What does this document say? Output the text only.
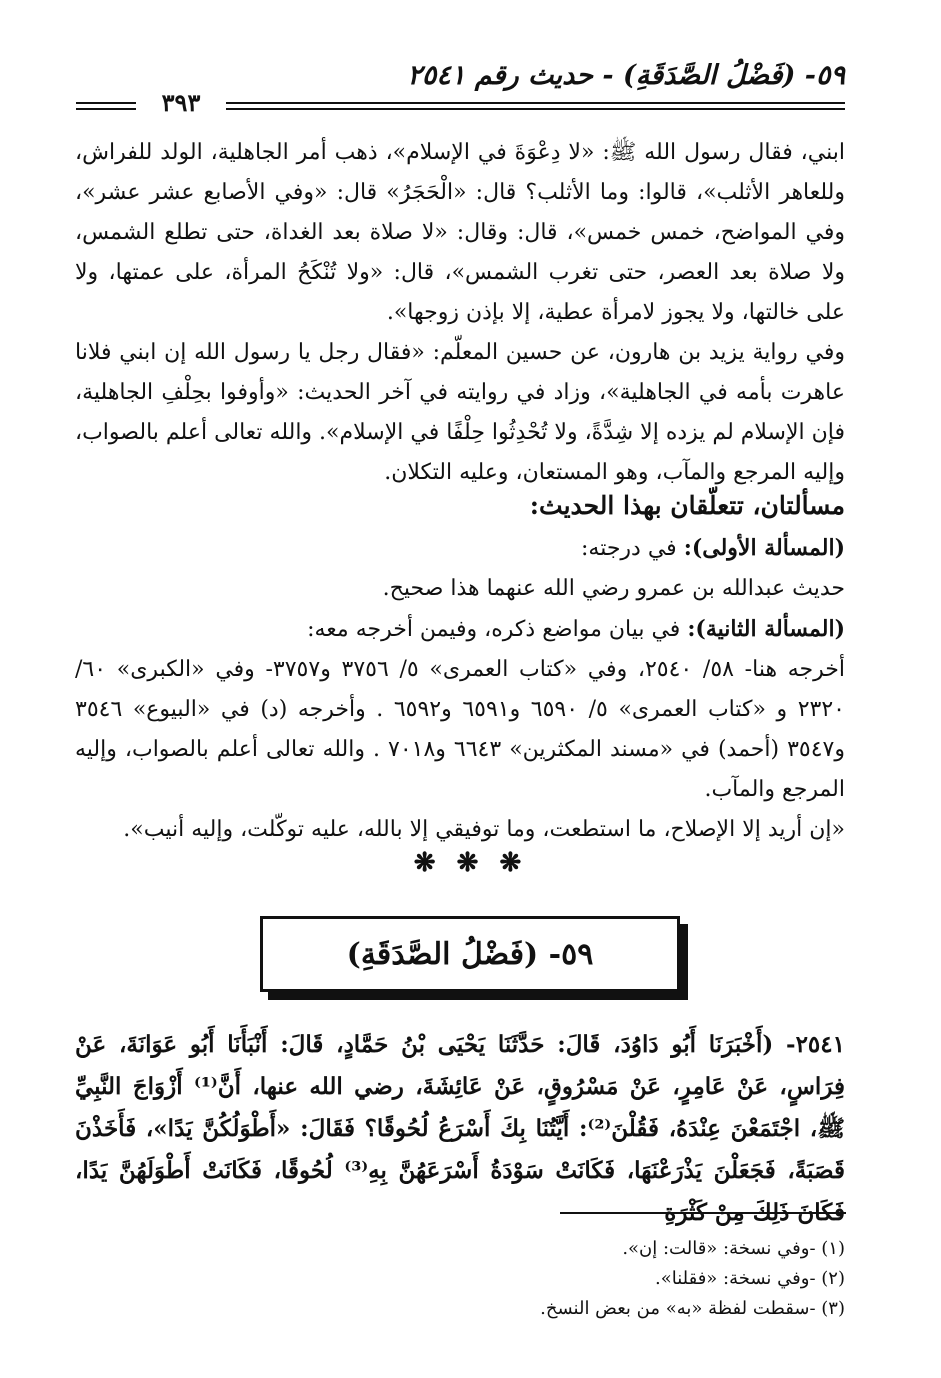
٥٩- (فَضْلُ الصَّدَقَةِ) - حديث رقم ٢٥٤١
٣٩٣

ابني، فقال رسول الله ﷺ: «لا دِعْوَةَ في الإسلام»، ذهب أمر الجاهلية، الولد للفراش، وللعاهر الأثلب»، قالوا: وما الأثلب؟ قال: «الْحَجَرُ» قال: «وفي الأصابع عشر عشر»، وفي المواضح، خمس خمس»، قال: وقال: «لا صلاة بعد الغداة، حتى تطلع الشمس، ولا صلاة بعد العصر، حتى تغرب الشمس»، قال: «ولا تُنْكَحُ المرأة، على عمتها، ولا على خالتها، ولا يجوز لامرأة عطية، إلا بإذن زوجها».

وفي رواية يزيد بن هارون، عن حسين المعلّم: «فقال رجل يا رسول الله إن ابني فلانا عاهرت بأمه في الجاهلية»، وزاد في روايته في آخر الحديث: «وأوفوا بحِلْفِ الجاهلية، فإن الإسلام لم يزده إلا شِدَّةً، ولا تُحْدِثُوا حِلْفًا في الإسلام». والله تعالى أعلم بالصواب، وإليه المرجع والمآب، وهو المستعان، وعليه التكلان.

مسألتان، تتعلّقان بهذا الحديث:

(المسألة الأولى): في درجته:

حديث عبدالله بن عمرو رضي الله عنهما هذا صحيح.

(المسألة الثانية): في بيان مواضع ذكره، وفيمن أخرجه معه:

أخرجه هنا- ٥٨/ ٢٥٤٠، وفي «كتاب العمرى» ٥/ ٣٧٥٦ و٣٧٥٧- وفي «الكبرى» ٦٠/ ٢٣٢٠ و «كتاب العمرى» ٥/ ٦٥٩٠ و٦٥٩١ و٦٥٩٢ . وأخرجه (د) في «البيوع» ٣٥٤٦ و٣٥٤٧ (أحمد) في «مسند المكثرين» ٦٦٤٣ و٧٠١٨ . والله تعالى أعلم بالصواب، وإليه المرجع والمآب.

«إن أريد إلا الإصلاح، ما استطعت، وما توفيقي إلا بالله، عليه توكّلت، وإليه أنيب».

❋ ❋ ❋
٥٩- (فَضْلُ الصَّدَقَةِ)

٢٥٤١- (أَخْبَرَنَا أَبُو دَاوُدَ، قَالَ: حَدَّثَنَا يَحْيَى بْنُ حَمَّادٍ، قَالَ: أَنْبَأَنَا أَبُو عَوَانَةَ، عَنْ فِرَاسٍ، عَنْ عَامِرٍ، عَنْ مَسْرُوقٍ، عَنْ عَائِشَةَ، رضي الله عنها، أَنَّ⁽¹⁾ أَزْوَاجَ النَّبِيِّ ﷺ، اجْتَمَعْنَ عِنْدَهُ، فَقُلْنَ⁽²⁾: أَيَّتُنَا بِكَ أَسْرَعُ لُحُوقًا؟ فَقَالَ: «أَطْوَلُكُنَّ يَدًا»، فَأَخَذْنَ قَصَبَةً، فَجَعَلْنَ يَذْرَعْنَهَا، فَكَانَتْ سَوْدَةُ أَسْرَعَهُنَّ بِهِ⁽³⁾ لُحُوقًا، فَكَانَتْ أَطْوَلَهُنَّ يَدًا، فَكَانَ ذَلِكَ مِنْ كَثْرَةِ

(١) -وفي نسخة: «قالت: إن».

(٢) -وفي نسخة: «فقلنا».

(٣) -سقطت لفظة «به» من بعض النسخ.
